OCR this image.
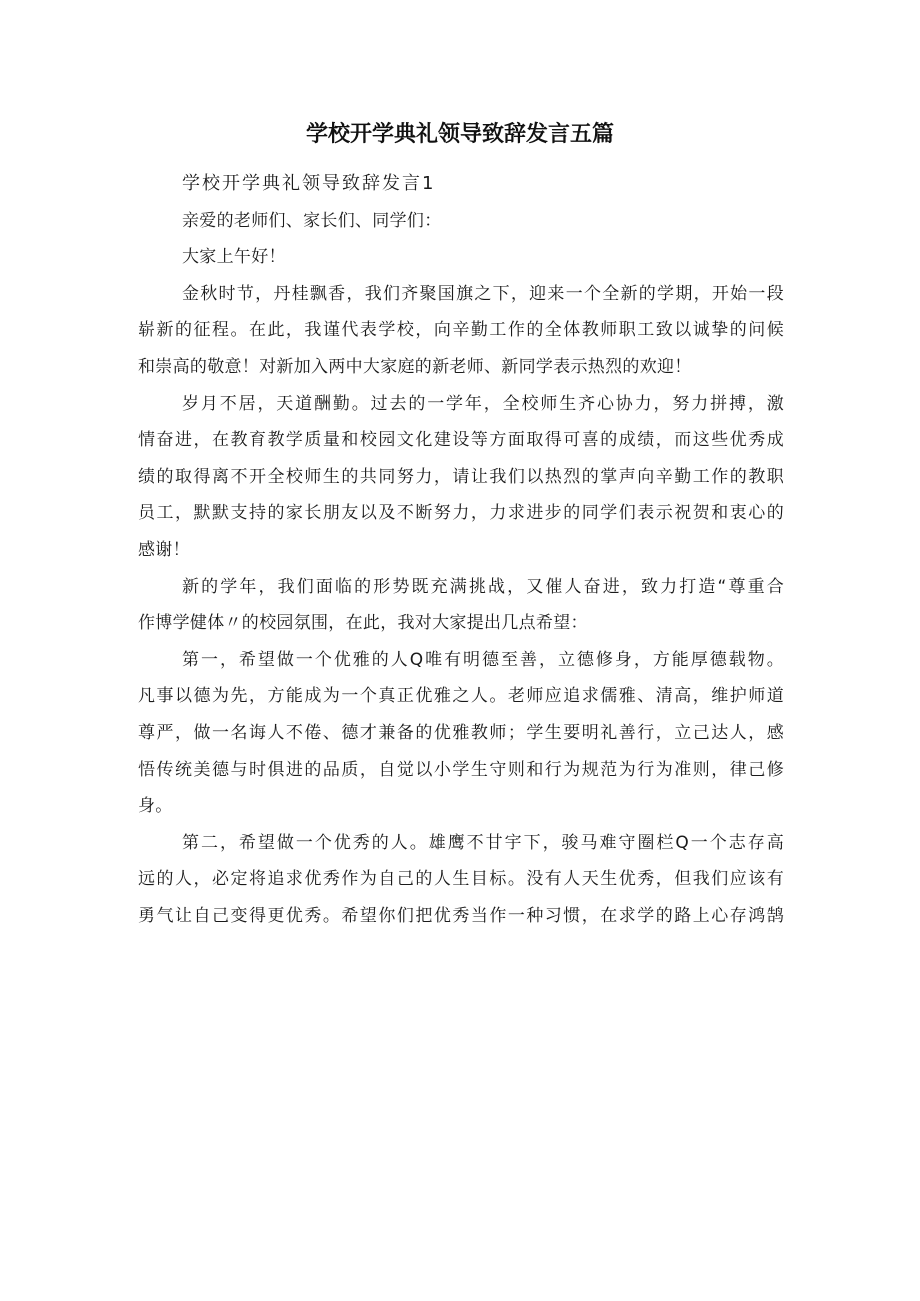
学校开学典礼领导致辞发言五篇

学校开学典礼领导致辞发言1

亲爱的老师们、家长们、同学们：

大家上午好！

金秋时节，丹桂飘香，我们齐聚国旗之下，迎来一个全新的学期，开始一段

崭新的征程。在此，我谨代表学校，向辛勤工作的全体教师职工致以诚挚的问候

和崇高的敬意！对新加入两中大家庭的新老师、新同学表示热烈的欢迎！

岁月不居，天道酬勤。过去的一学年，全校师生齐心协力，努力拼搏，激

情奋进，在教育教学质量和校园文化建设等方面取得可喜的成绩，而这些优秀成

绩的取得离不开全校师生的共同努力，请让我们以热烈的掌声向辛勤工作的教职

员工，默默支持的家长朋友以及不断努力，力求进步的同学们表示祝贺和衷心的

感谢！

新的学年，我们面临的形势既充满挑战，又催人奋进，致力打造“尊重合

作博学健体〃的校园氛围，在此，我对大家提出几点希望：

第一，希望做一个优雅的人Q唯有明德至善，立德修身，方能厚德载物。

凡事以德为先，方能成为一个真正优雅之人。老师应追求儒雅、清高，维护师道

尊严，做一名诲人不倦、德才兼备的优雅教师；学生要明礼善行，立己达人，感

悟传统美德与时俱进的品质，自觉以小学生守则和行为规范为行为准则，律己修

身。

第二，希望做一个优秀的人。雄鹰不甘宇下，骏马难守圈栏Q一个志存高

远的人，必定将追求优秀作为自己的人生目标。没有人天生优秀，但我们应该有

勇气让自己变得更优秀。希望你们把优秀当作一种习惯，在求学的路上心存鸿鹄
